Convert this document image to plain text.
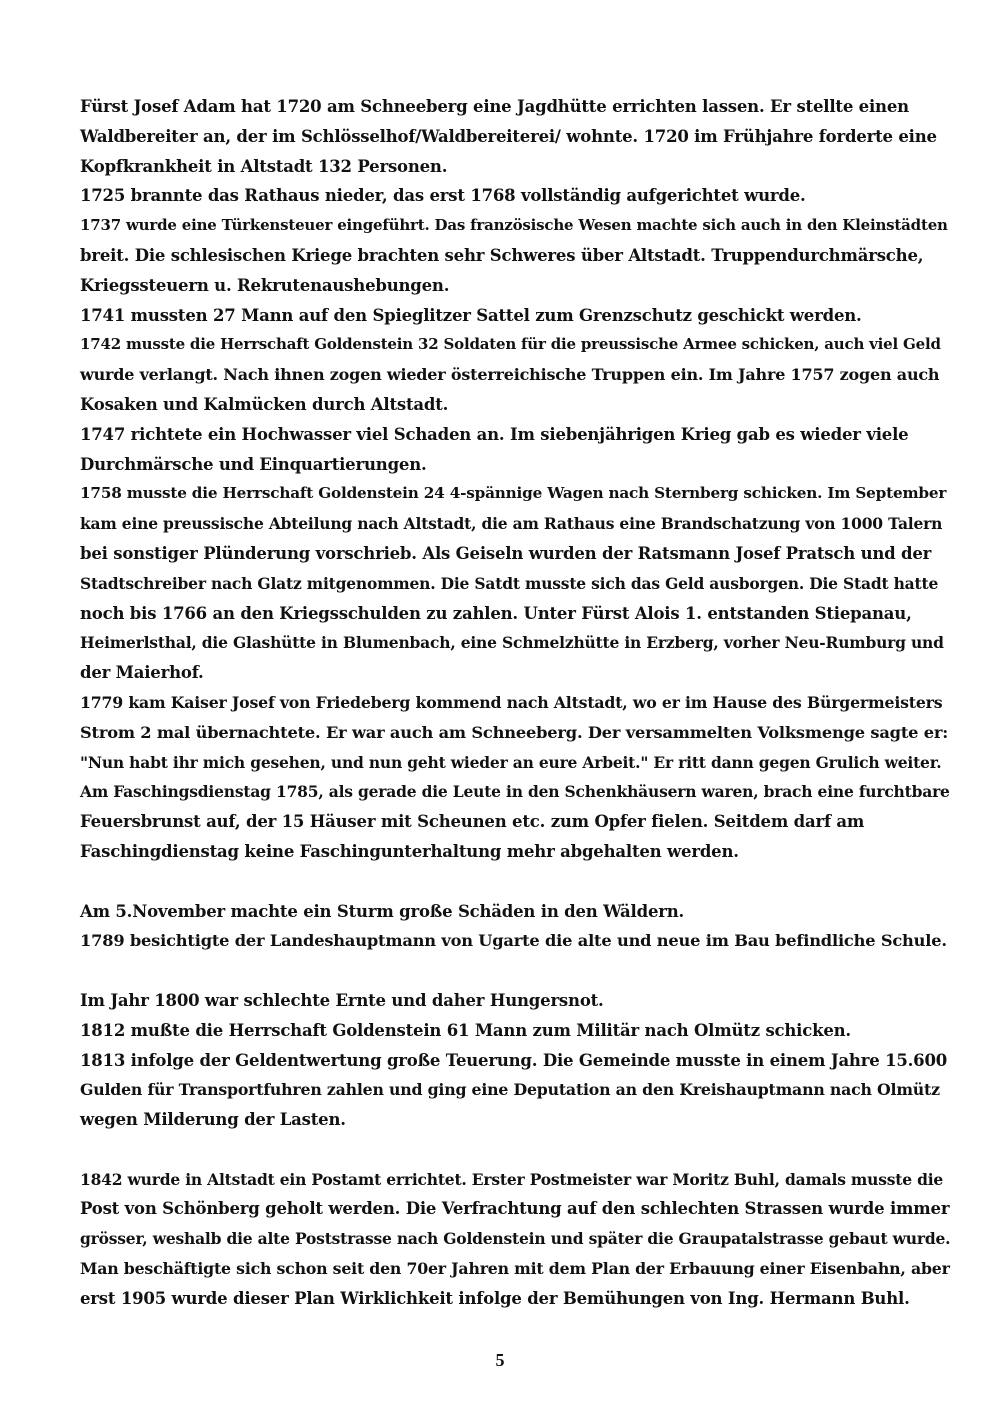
Fürst Josef Adam hat 1720 am Schneeberg eine Jagdhütte errichten lassen. Er stellte einen
Waldbereiter an, der im Schlösselhof/Waldbereiterei/ wohnte. 1720 im Frühjahre forderte eine
Kopfkrankheit in Altstadt 132 Personen.
1725 brannte das Rathaus nieder, das erst 1768 vollständig aufgerichtet wurde.
1737 wurde eine Türkensteuer eingeführt. Das französische Wesen machte sich auch in den Kleinstädten
breit. Die schlesischen Kriege brachten sehr Schweres über Altstadt. Truppendurchmärsche,
Kriegssteuern u. Rekrutenaushebungen.
1741 mussten 27 Mann auf den Spieglitzer Sattel zum Grenzschutz geschickt werden.
1742 musste die Herrschaft Goldenstein 32 Soldaten für die preussische Armee schicken, auch viel Geld
wurde verlangt. Nach ihnen zogen wieder österreichische Truppen ein. Im Jahre 1757 zogen auch
Kosaken und Kalmücken durch Altstadt.
1747 richtete ein Hochwasser viel Schaden an. Im siebenjährigen Krieg gab es wieder viele
Durchmärsche und Einquartierungen.
1758 musste die Herrschaft Goldenstein 24 4-spännige Wagen nach Sternberg schicken. Im September
kam eine preussische Abteilung nach Altstadt, die am Rathaus eine Brandschatzung von 1000 Talern
bei sonstiger Plünderung vorschrieb. Als Geiseln wurden der Ratsmann Josef Pratsch und der
Stadtschreiber nach Glatz mitgenommen. Die Satdt musste sich das Geld ausborgen. Die Stadt hatte
noch bis 1766 an den Kriegsschulden zu zahlen. Unter Fürst Alois 1. entstanden Stiepanau,
Heimerlsthal, die Glashütte in Blumenbach, eine Schmelzhütte in Erzberg, vorher Neu-Rumburg und
der Maierhof.
1779 kam Kaiser Josef von Friedeberg kommend nach Altstadt, wo er im Hause des Bürgermeisters
Strom 2 mal übernachtete. Er war auch am Schneeberg. Der versammelten Volksmenge sagte er:
"Nun habt ihr mich gesehen, und nun geht wieder an eure Arbeit." Er ritt dann gegen Grulich weiter.
Am Faschingsdienstag 1785, als gerade die Leute in den Schenkhäusern waren, brach eine furchtbare
Feuersbrunst auf, der 15 Häuser mit Scheunen etc. zum Opfer fielen. Seitdem darf am
Faschingdienstag keine Faschingunterhaltung mehr abgehalten werden.
Am 5.November machte ein Sturm große Schäden in den Wäldern.
1789 besichtigte der Landeshauptmann von Ugarte die alte und neue im Bau befindliche Schule.
Im Jahr 1800 war schlechte Ernte und daher Hungersnot.
1812 mußte die Herrschaft Goldenstein 61 Mann zum Militär nach Olmütz schicken.
1813 infolge der Geldentwertung große Teuerung. Die Gemeinde musste in einem Jahre 15.600
Gulden für Transportfuhren zahlen und ging eine Deputation an den Kreishauptmann nach Olmütz
wegen Milderung der Lasten.
1842 wurde in Altstadt ein Postamt errichtet. Erster Postmeister war Moritz Buhl, damals musste die
Post von Schönberg geholt werden. Die Verfrachtung auf den schlechten Strassen wurde immer
grösser, weshalb die alte Poststrasse nach Goldenstein und später die Graupatalstrasse gebaut wurde.
Man beschäftigte sich schon seit den 70er Jahren mit dem Plan der Erbauung einer Eisenbahn, aber
erst 1905 wurde dieser Plan Wirklichkeit infolge der Bemühungen von Ing. Hermann Buhl.
5
